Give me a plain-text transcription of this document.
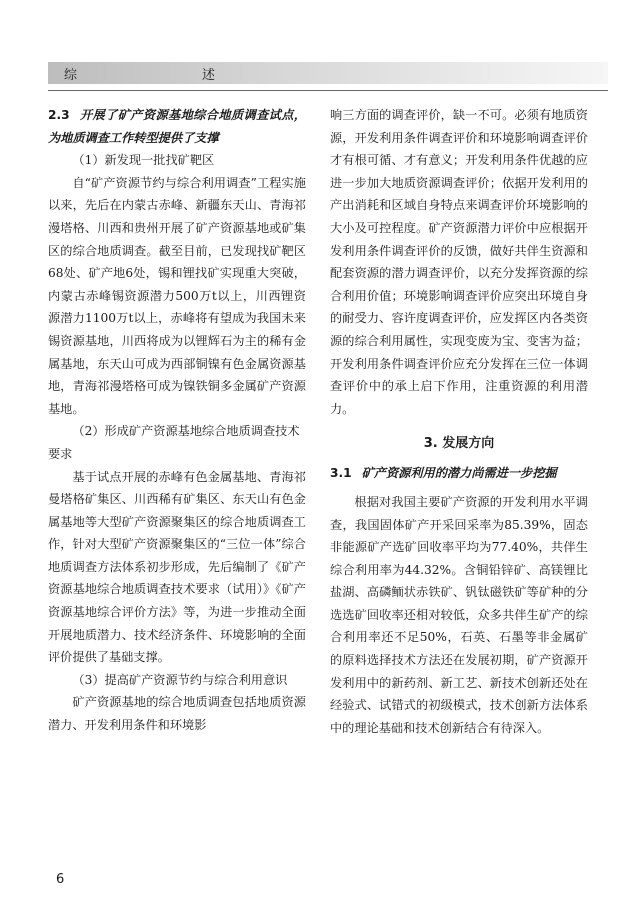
综	述

2.3 开展了矿产资源基地综合地质调查试点，为地质调查工作转型提供了支撑

（1）新发现一批找矿靶区

自“矿产资源节约与综合利用调查”工程实施以来，先后在内蒙古赤峰、新疆东天山、青海祁漫塔格、川西和贵州开展了矿产资源基地或矿集区的综合地质调查。截至目前，已发现找矿靶区68处、矿产地6处，锡和锂找矿实现重大突破，内蒙古赤峰锡资源潜力500万t以上，川西锂资源潜力1100万t以上，赤峰将有望成为我国未来锡资源基地，川西将成为以锂辉石为主的稀有金属基地，东天山可成为西部铜镍有色金属资源基地，青海祁漫塔格可成为镍铁铜多金属矿产资源基地。

（2）形成矿产资源基地综合地质调查技术要求

基于试点开展的赤峰有色金属基地、青海祁曼塔格矿集区、川西稀有矿集区、东天山有色金属基地等大型矿产资源聚集区的综合地质调查工作，针对大型矿产资源聚集区的“三位一体”综合地质调查方法体系初步形成，先后编制了《矿产资源基地综合地质调查技术要求（试用）》《矿产资源基地综合评价方法》等，为进一步推动全面开展地质潜力、技术经济条件、环境影响的全面评价提供了基础支撑。

（3）提高矿产资源节约与综合利用意识

矿产资源基地的综合地质调查包括地质资源潜力、开发利用条件和环境影

响三方面的调查评价，缺一不可。必须有地质资源，开发利用条件调查评价和环境影响调查评价才有根可循、才有意义；开发利用条件优越的应进一步加大地质资源调查评价；依据开发利用的产出消耗和区域自身特点来调查评价环境影响的大小及可控程度。矿产资源潜力评价中应根据开发利用条件调查评价的反馈，做好共伴生资源和配套资源的潜力调查评价，以充分发挥资源的综合利用价值；环境影响调查评价应突出环境自身的耐受力、容许度调查评价，应发挥区内各类资源的综合利用属性，实现变废为宝、变害为益；开发利用条件调查评价应充分发挥在三位一体调查评价中的承上启下作用，注重资源的利用潜力。

3. 发展方向

3.1 矿产资源利用的潜力尚需进一步挖掘

根据对我国主要矿产资源的开发利用水平调查，我国固体矿产开采回采率为85.39%，固态非能源矿产选矿回收率平均为77.40%，共伴生综合利用率为44.32%。含铜铅锌矿、高镁锂比盐湖、高磷鲕状赤铁矿、钒钛磁铁矿等矿种的分选选矿回收率还相对较低，众多共伴生矿产的综合利用率还不足50%，石英、石墨等非金属矿的原料选择技术方法还在发展初期，矿产资源开发利用中的新药剂、新工艺、新技术创新还处在经验式、试错式的初级模式，技术创新方法体系中的理论基础和技术创新结合有待深入。

6
